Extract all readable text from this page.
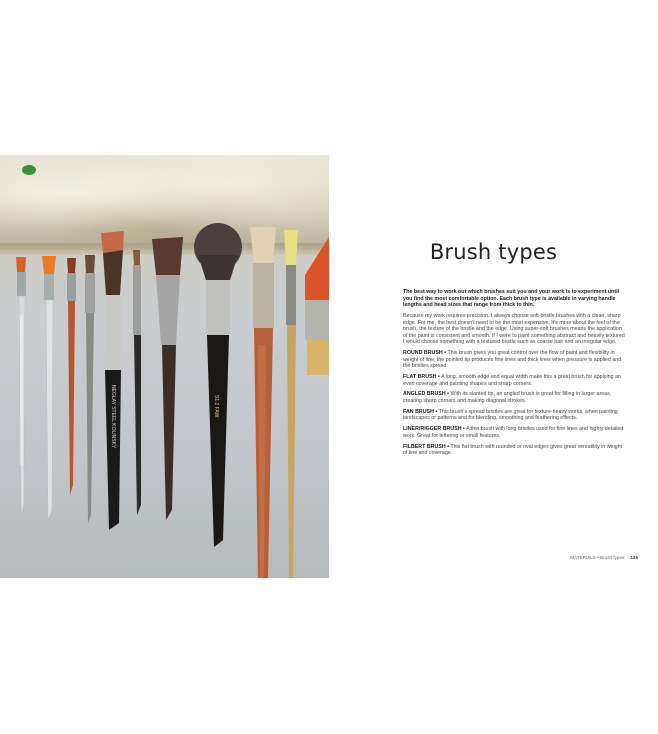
NEGLAY STEEL KOLINSKY	S1 2 FAW
Brush types

The best way to work out which brushes suit you and your work is to experiment until you find the most comfortable option. Each brush type is available in varying handle lengths and head sizes that range from thick to thin.

Because my work requires precision, I always choose soft-bristle brushes with a clean, sharp edge. For me, the best doesn't need to be the most expensive. It's more about the feel of the brush, the texture of the bristle and the edge. Using super-soft brushes means the application of the paint is consistent and smooth. If I were to paint something abstract and heavily textured I would choose something with a textured bristle such as coarse hair and an irregular edge.

ROUND BRUSH • This brush gives you great control over the flow of paint and flexibility in weight of line; the pointed tip produces fine lines and thick lines when pressure is applied and the bristles spread.

FLAT BRUSH • A long, smooth edge and equal width make this a great brush for applying an even coverage and painting shapes and sharp corners.

ANGLED BRUSH • With its slanted tip, an angled brush is great for filling in larger areas, creating sharp corners and making diagonal strokes.

FAN BRUSH • This brush's spread bristles are great for texture-heavy works, when painting landscapes or patterns and for blending, smoothing and feathering effects.

LINER/RIGGER BRUSH • A thin brush with long bristles used for fine lines and highly detailed work. Great for lettering or small features.

FILBERT BRUSH • This flat brush with rounded or oval edges gives great versatility in weight of line and coverage.

MATERIALS • Brush types 135
